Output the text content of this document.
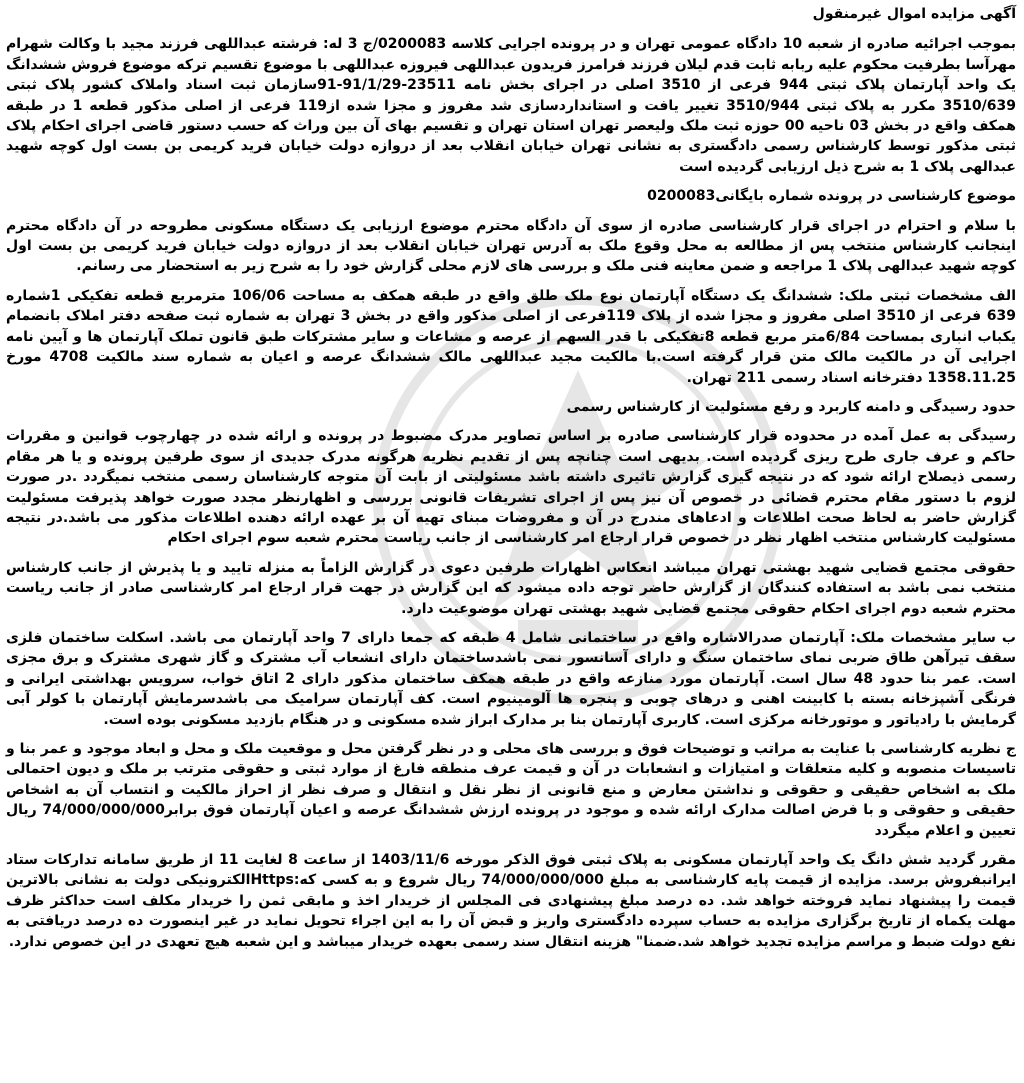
آگهی مزایده اموال غیرمنقول

بموجب اجرائیه صادره از شعبه 10 دادگاه عمومی تهران و در پرونده اجرایی کلاسه 0200083/ج 3 له: فرشته عبداللهی فرزند مجید با وکالت شهرام مهرآسا بطرفیت محکوم علیه ربابه ثابت قدم لیلان فرزند فرامرز فریدون عبداللهی فیروزه عبداللهی با موضوع تقسیم ترکه موضوع فروش ششدانگ یک واحد آپارتمان پلاک ثبتی 944 فرعی از 3510 اصلی در اجرای بخش نامه 23511-91/1/29-91سازمان ثبت اسناد واملاک کشور پلاک ثبتی 3510/639 مکرر به پلاک ثبتی 3510/944 تغییر یافت و استانداردسازی شد مفروز و مجزا شده از119 فرعی از اصلی مذکور قطعه 1 در طبقه همکف واقع در بخش 03 ناحیه 00 حوزه ثبت ملک ولیعصر تهران استان تهران و تقسیم بهای آن بین وراث که حسب دستور قاضی اجرای احکام پلاک ثبتی مذکور توسط کارشناس رسمی دادگستری به نشانی تهران خیابان انقلاب بعد از دروازه دولت خیابان فرید کریمی بن بست اول کوچه شهید عبدالهی پلاک 1 به شرح ذیل ارزیابی گردیده است

موضوع کارشناسی در پرونده شماره بایگانی0200083

با سلام و احترام در اجرای قرار کارشناسی صادره از سوی آن دادگاه محترم موضوع ارزیابی یک دستگاه مسکونی مطروحه در آن دادگاه محترم اینجانب کارشناس منتخب پس از مطالعه به محل وقوع ملک به آدرس تهران خیابان انقلاب بعد از دروازه دولت خیابان فرید کریمی بن بست اول کوچه شهید عبدالهی پلاک 1 مراجعه و ضمن معاینه فنی ملک و بررسی های لازم محلی گزارش خود را به شرح زیر به استحضار می رسانم.

الف مشخصات ثبتی ملک: ششدانگ یک دستگاه آپارتمان نوع ملک طلق واقع در طبقه همکف به مساحت 106/06 مترمربع قطعه تفکیکی 1شماره 639 فرعی از 3510 اصلی مفروز و مجزا شده از پلاک 119فرعی از اصلی مذکور واقع در بخش 3 تهران به شماره ثبت صفحه دفتر املاک بانضمام یکباب انباری بمساحت 6/84متر مربع قطعه 8تفکیکی با قدر السهم از عرصه و مشاعات و سایر مشترکات طبق قانون تملک آپارتمان ها و آیین نامه اجرایی آن در مالکیت مالک متن قرار گرفته است.با مالکیت مجید عبداللهی مالک ششدانگ عرصه و اعیان به شماره سند مالکیت 4708 مورخ 1358.11.25 دفترخانه اسناد رسمی 211 تهران.

حدود رسیدگی و دامنه کاربرد و رفع مسئولیت از کارشناس رسمی

رسیدگی به عمل آمده در محدوده قرار کارشناسی صادره بر اساس تصاویر مدرک مضبوط در پرونده و ارائه شده در چهارچوب قوانین و مقررات حاکم و عرف جاری طرح ریزی گردیده است. بدیهی است چنانچه پس از تقدیم نظریه هرگونه مدرک جدیدی از سوی طرفین پرونده و یا هر مقام رسمی ذیصلاح ارائه شود که در نتیجه گیری گزارش تاثیری داشته باشد مسئولیتی از بابت آن متوجه کارشناسان رسمی منتخب نمیگردد .در صورت لزوم با دستور مقام محترم قضائی در خصوص آن نیز پس از اجرای تشریفات قانونی بررسی و اظهارنظر مجدد صورت خواهد پذیرفت مسئولیت گزارش حاضر به لحاظ صحت اطلاعات و ادعاهای مندرج در آن و مفروضات مبنای تهیه آن بر عهده ارائه دهنده اطلاعات مذکور می باشد.در نتیجه مسئولیت کارشناس منتخب اظهار نظر در خصوص قرار ارجاع امر کارشناسی از جانب ریاست محترم شعبه سوم اجرای احکام

حقوقی مجتمع قضایی شهید بهشتی تهران میباشد انعکاس اظهارات طرفین دعوی در گزارش الزاماً به منزله تایید و یا پذیرش از جانب کارشناس منتخب نمی باشد به استفاده کنندگان از گزارش حاضر توجه داده میشود که این گزارش در جهت قرار ارجاع امر کارشناسی صادر از جانب ریاست محترم شعبه دوم اجرای احکام حقوقی مجتمع قضایی شهید بهشتی تهران موضوعیت دارد.

ب سایر مشخصات ملک: آپارتمان صدرالاشاره واقع در ساختمانی شامل 4 طبقه که جمعا دارای 7 واحد آپارتمان می باشد. اسکلت ساختمان فلزی سقف تیرآهن طاق ضربی نمای ساختمان سنگ و دارای آسانسور نمی باشدساختمان دارای انشعاب آب مشترک و گاز شهری مشترک و برق مجزی است. عمر بنا حدود 48 سال است. آپارتمان مورد منازعه واقع در طبقه همکف ساختمان مذکور دارای 2 اتاق خواب، سرویس بهداشتی ایرانی و فرنگی آشپزخانه بسته با کابینت اهنی و درهای چوبی و پنجره ها آلومینیوم است. کف آپارتمان سرامیک می باشدسرمایش آپارتمان با کولر آبی گرمایش با رادیاتور و موتورخانه مرکزی است. کاربری آپارتمان بنا بر مدارک ابراز شده مسکونی و در هنگام بازدید مسکونی بوده است.

ج نظریه کارشناسی با عنایت به مراتب و توضیحات فوق و بررسی های محلی و در نظر گرفتن محل و موقعیت ملک و محل و ابعاد موجود و عمر بنا و تاسیسات منصوبه و کلیه متعلقات و امتیازات و انشعابات در آن و قیمت عرف منطقه فارغ از موارد ثبتی و حقوقی مترتب بر ملک و دیون احتمالی ملک به اشخاص حقیقی و حقوقی و نداشتن معارض و منع قانونی از نظر نقل و انتقال و صرف نظر از احراز مالکیت و انتساب آن به اشخاص حقیقی و حقوقی و با فرض اصالت مدارک ارائه شده و موجود در پرونده ارزش ششدانگ عرصه و اعیان آپارتمان فوق برابر74/000/000/000 ریال تعیین و اعلام میگردد

مقرر گردید شش دانگ یک واحد آپارتمان مسکونی به پلاک ثبتی فوق الذکر مورخه 1403/11/6 از ساعت 8 لغایت 11 از طریق سامانه تدارکات ستاد ایرانبفروش برسد. مزایده از قیمت پایه کارشناسی به مبلغ 74/000/000/000 ریال شروع و به کسی که:Httpsالکترونیکی دولت به نشانی بالاترین قیمت را پیشنهاد نماید فروخته خواهد شد. ده درصد مبلغ پیشنهادی فی المجلس از خریدار اخذ و مابقی ثمن را خریدار مکلف است حداکثر ظرف مهلت یکماه از تاریخ برگزاری مزایده به حساب سپرده دادگستری واریز و قبض آن را به این اجراء تحویل نماید در غیر اینصورت ده درصد دریافتی به نفع دولت ضبط و مراسم مزایده تجدید خواهد شد.ضمنا" هزینه انتقال سند رسمی بعهده خریدار میباشد و این شعبه هیچ تعهدی در این خصوص ندارد.
